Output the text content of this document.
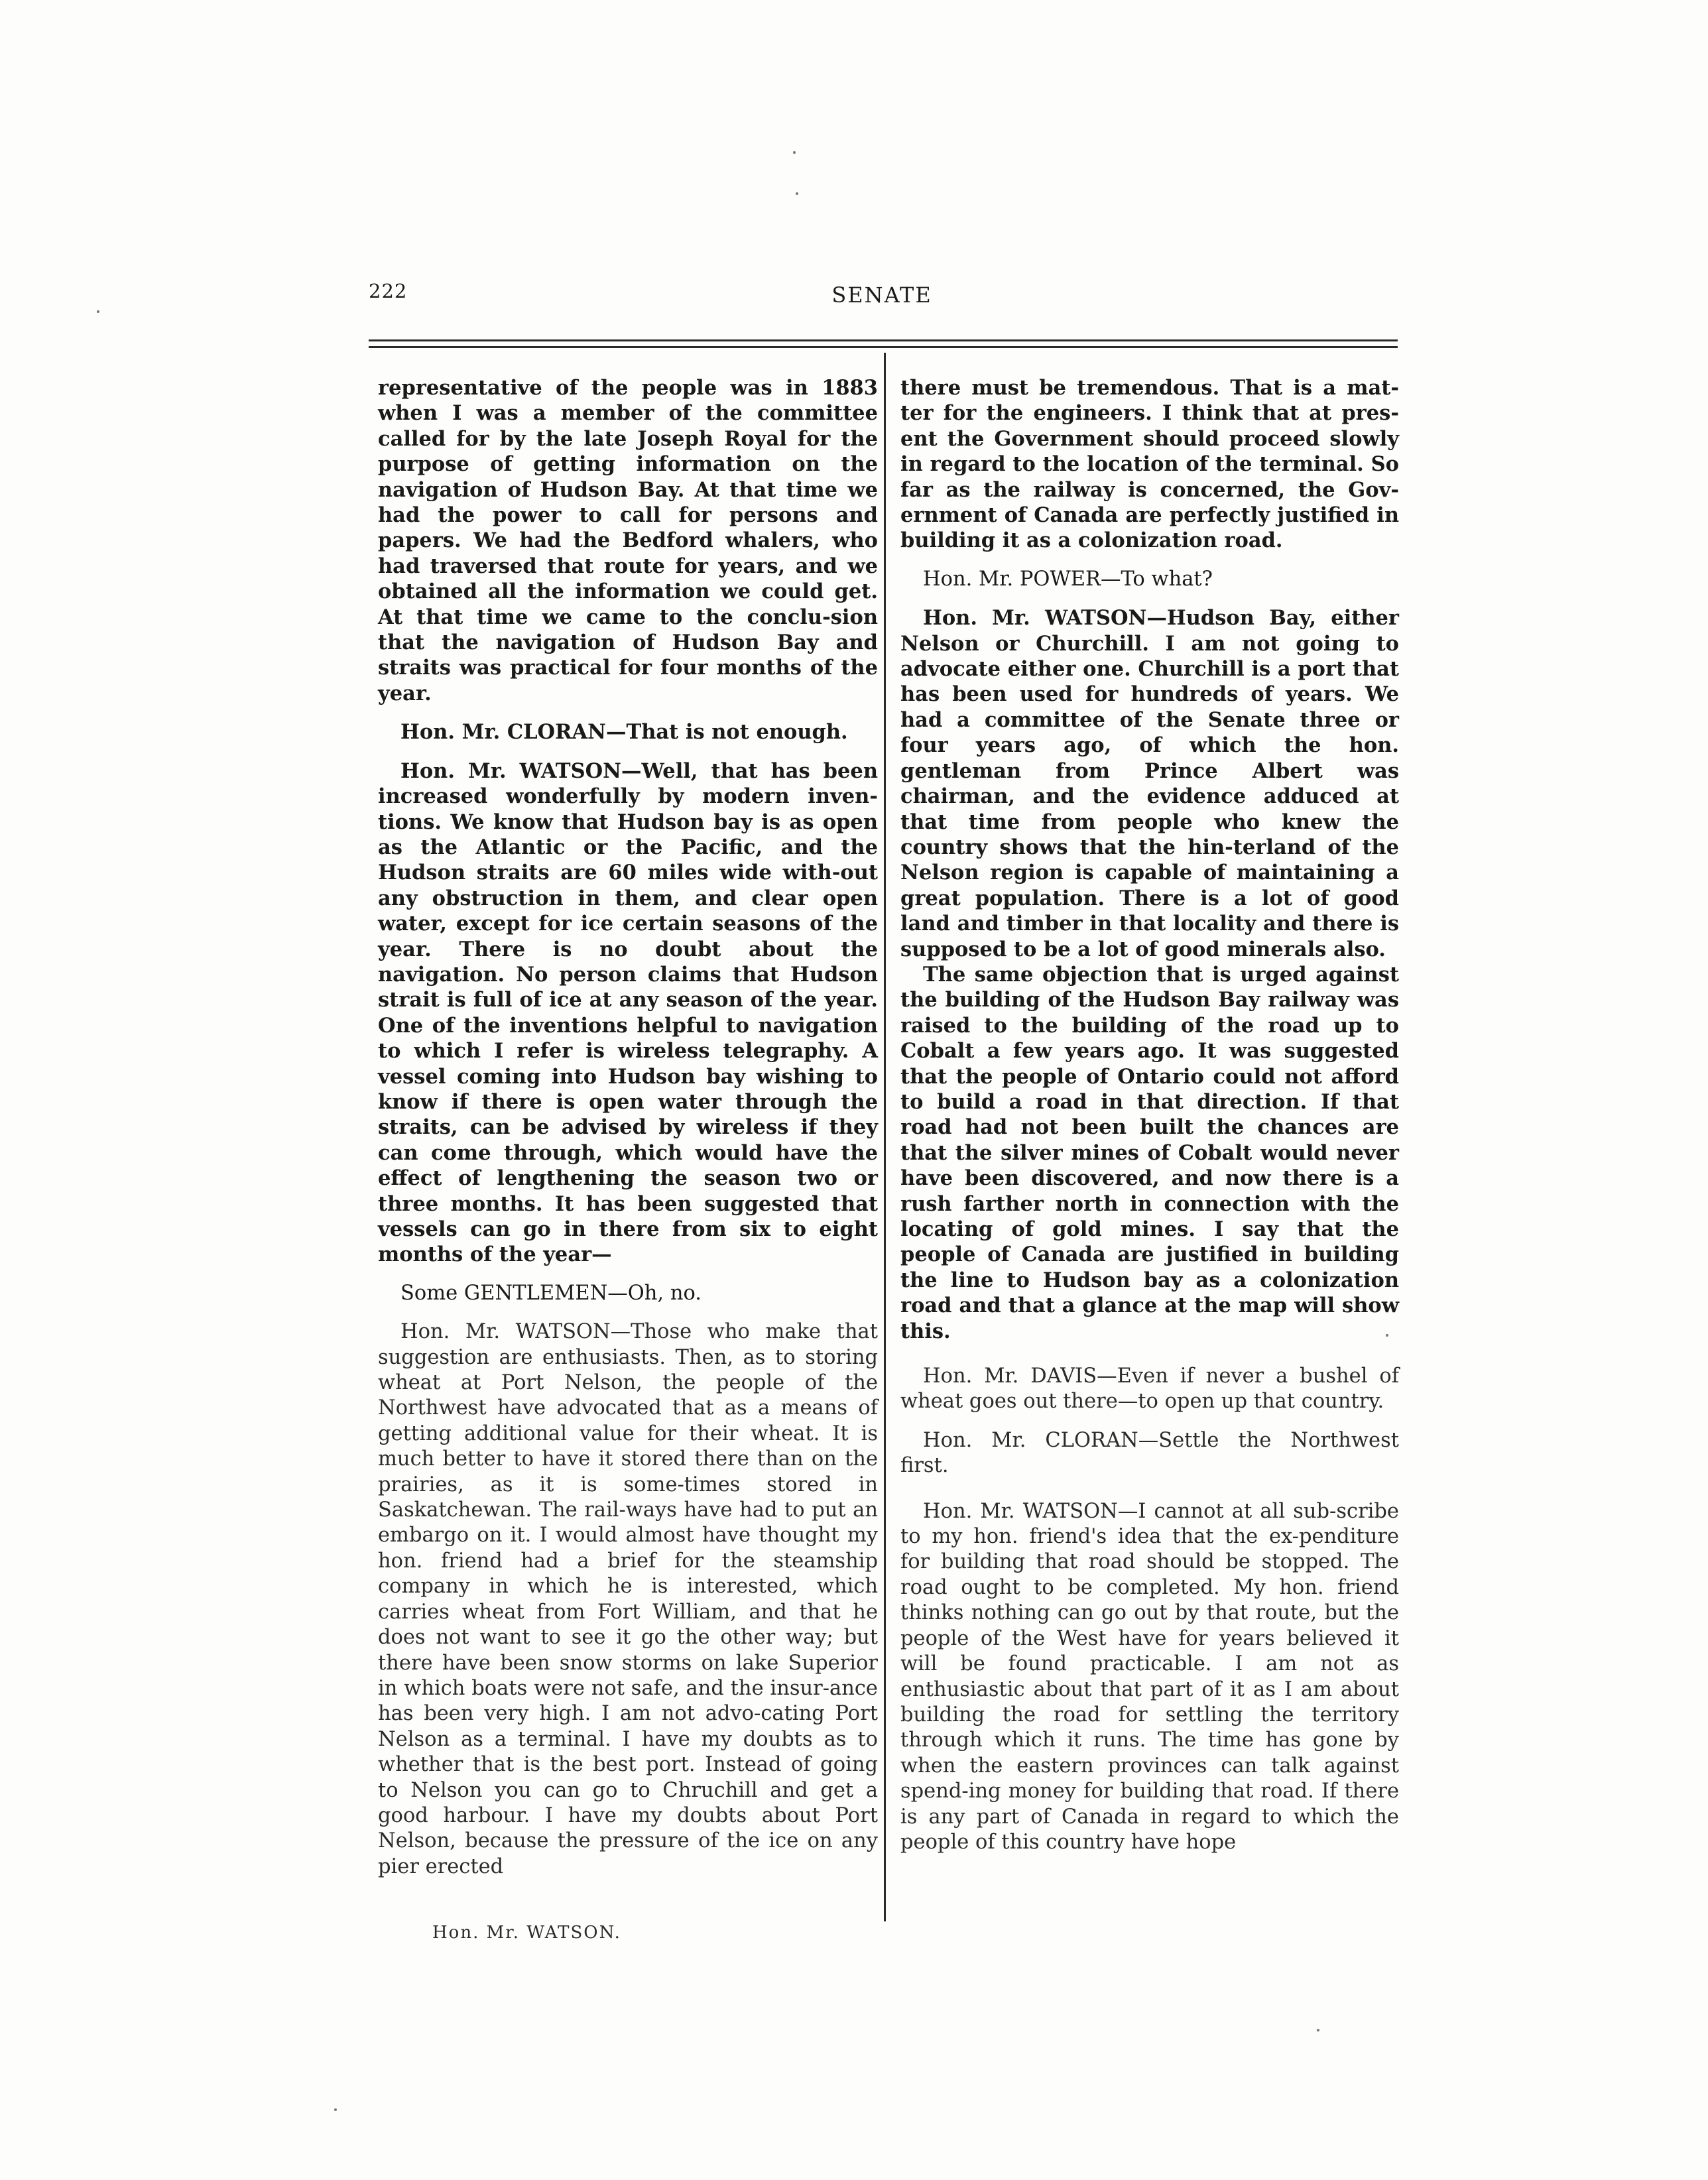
222	SENATE

representative of the people was in 1883 when I was a member of the committee called for by the late Joseph Royal for the purpose of getting information on the navigation of Hudson Bay. At that time we had the power to call for persons and papers. We had the Bedford whalers, who had traversed that route for years, and we obtained all the information we could get. At that time we came to the conclu-sion that the navigation of Hudson Bay and straits was practical for four months of the year.

Hon. Mr. CLORAN—That is not enough.

Hon. Mr. WATSON—Well, that has been increased wonderfully by modern inven-tions. We know that Hudson bay is as open as the Atlantic or the Pacific, and the Hudson straits are 60 miles wide with-out any obstruction in them, and clear open water, except for ice certain seasons of the year. There is no doubt about the navigation. No person claims that Hudson strait is full of ice at any season of the year. One of the inventions helpful to navigation to which I refer is wireless telegraphy. A vessel coming into Hudson bay wishing to know if there is open water through the straits, can be advised by wireless if they can come through, which would have the effect of lengthening the season two or three months. It has been suggested that vessels can go in there from six to eight months of the year—

Some GENTLEMEN—Oh, no.

Hon. Mr. WATSON—Those who make that suggestion are enthusiasts. Then, as to storing wheat at Port Nelson, the people of the Northwest have advocated that as a means of getting additional value for their wheat. It is much better to have it stored there than on the prairies, as it is some-times stored in Saskatchewan. The rail-ways have had to put an embargo on it. I would almost have thought my hon. friend had a brief for the steamship company in which he is interested, which carries wheat from Fort William, and that he does not want to see it go the other way; but there have been snow storms on lake Superior in which boats were not safe, and the insur-ance has been very high. I am not advo-cating Port Nelson as a terminal. I have my doubts as to whether that is the best port. Instead of going to Nelson you can go to Chruchill and get a good harbour. I have my doubts about Port Nelson, because the pressure of the ice on any pier erected

there must be tremendous. That is a mat-ter for the engineers. I think that at pres-ent the Government should proceed slowly in regard to the location of the terminal. So far as the railway is concerned, the Gov-ernment of Canada are perfectly justified in building it as a colonization road.

Hon. Mr. POWER—To what?

Hon. Mr. WATSON—Hudson Bay, either Nelson or Churchill. I am not going to advocate either one. Churchill is a port that has been used for hundreds of years. We had a committee of the Senate three or four years ago, of which the hon. gentleman from Prince Albert was chairman, and the evidence adduced at that time from people who knew the country shows that the hin-terland of the Nelson region is capable of maintaining a great population. There is a lot of good land and timber in that locality and there is supposed to be a lot of good minerals also.

The same objection that is urged against the building of the Hudson Bay railway was raised to the building of the road up to Cobalt a few years ago. It was suggested that the people of Ontario could not afford to build a road in that direction. If that road had not been built the chances are that the silver mines of Cobalt would never have been discovered, and now there is a rush farther north in connection with the locating of gold mines. I say that the people of Canada are justified in building the line to Hudson bay as a colonization road and that a glance at the map will show this.

Hon. Mr. DAVIS—Even if never a bushel of wheat goes out there—to open up that country.

Hon. Mr. CLORAN—Settle the Northwest first.

Hon. Mr. WATSON—I cannot at all sub-scribe to my hon. friend's idea that the ex-penditure for building that road should be stopped. The road ought to be completed. My hon. friend thinks nothing can go out by that route, but the people of the West have for years believed it will be found practicable. I am not as enthusiastic about that part of it as I am about building the road for settling the territory through which it runs. The time has gone by when the eastern provinces can talk against spend-ing money for building that road. If there is any part of Canada in regard to which the people of this country have hope

Hon. Mr. WATSON.
